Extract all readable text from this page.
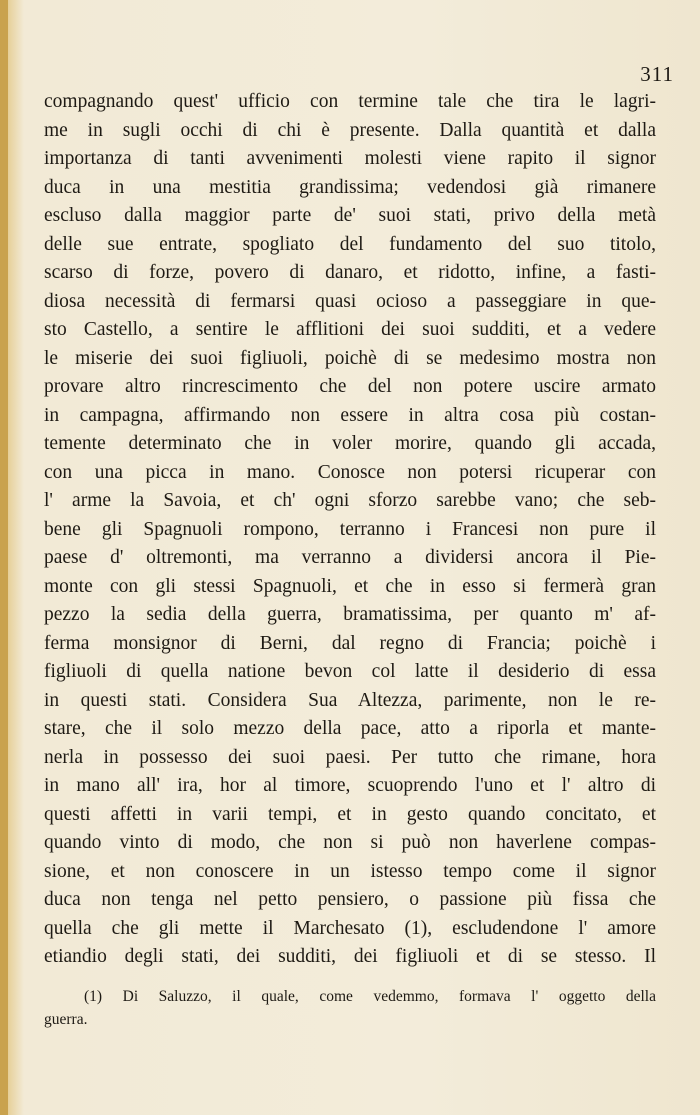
311
compagnando quest' ufficio con termine tale che tira le lagri-
me in sugli occhi di chi è presente. Dalla quantità et dalla
importanza di tanti avvenimenti molesti viene rapito il signor
duca in una mestitia grandissima; vedendosi già rimanere
escluso dalla maggior parte de' suoi stati, privo della metà
delle sue entrate, spogliato del fundamento del suo titolo,
scarso di forze, povero di danaro, et ridotto, infine, a fasti-
diosa necessità di fermarsi quasi ocioso a passeggiare in que-
sto Castello, a sentire le afflitioni dei suoi sudditi, et a vedere
le miserie dei suoi figliuoli, poichè di se medesimo mostra non
provare altro rincrescimento che del non potere uscire armato
in campagna, affirmando non essere in altra cosa più costan-
temente determinato che in voler morire, quando gli accada,
con una picca in mano. Conosce non potersi ricuperar con
l' arme la Savoia, et ch' ogni sforzo sarebbe vano; che seb-
bene gli Spagnuoli rompono, terranno i Francesi non pure il
paese d' oltremonti, ma verranno a dividersi ancora il Pie-
monte con gli stessi Spagnuoli, et che in esso si fermerà gran
pezzo la sedia della guerra, bramatissima, per quanto m' af-
ferma monsignor di Berni, dal regno di Francia; poichè i
figliuoli di quella natione bevon col latte il desiderio di essa
in questi stati. Considera Sua Altezza, parimente, non le re-
stare, che il solo mezzo della pace, atto a riporla et mante-
nerla in possesso dei suoi paesi. Per tutto che rimane, hora
in mano all' ira, hor al timore, scuoprendo l'uno et l' altro di
questi affetti in varii tempi, et in gesto quando concitato, et
quando vinto di modo, che non si può non haverlene compas-
sione, et non conoscere in un istesso tempo come il signor
duca non tenga nel petto pensiero, o passione più fissa che
quella che gli mette il Marchesato (1), escludendone l' amore
etiandio degli stati, dei sudditi, dei figliuoli et di se stesso. Il
(1) Di Saluzzo, il quale, come vedemmo, formava l' oggetto della
guerra.
